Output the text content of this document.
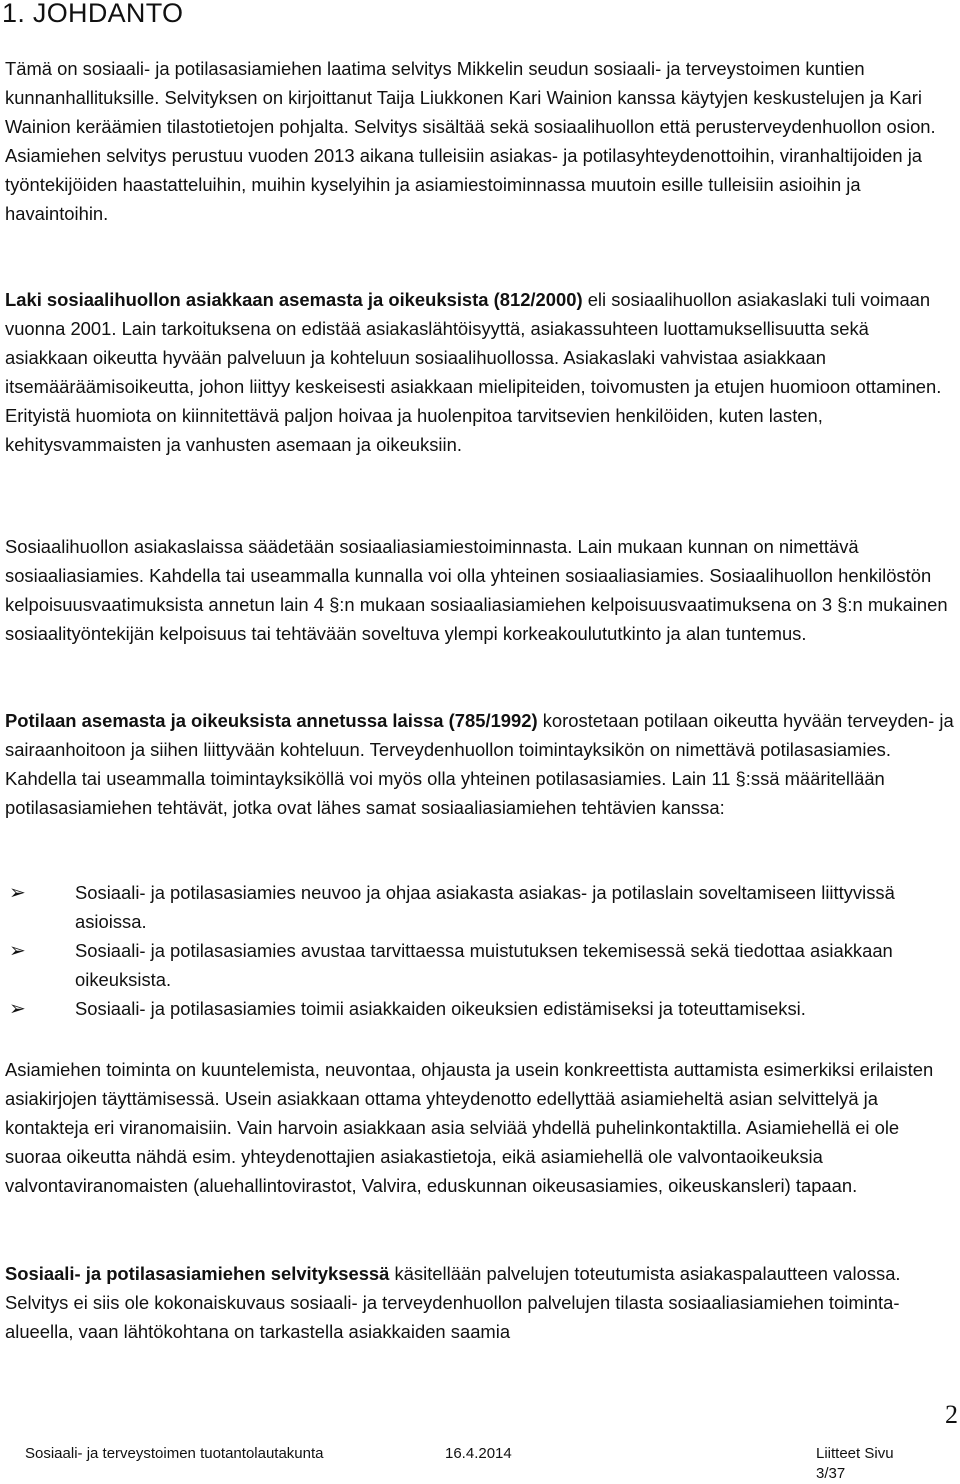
1. JOHDANTO

Tämä on sosiaali- ja potilasasiamiehen laatima selvitys Mikkelin seudun sosiaali- ja terveystoimen kuntien kunnanhallituksille. Selvityksen on kirjoittanut Taija Liukkonen Kari Wainion kanssa käytyjen keskustelujen ja Kari Wainion keräämien tilastotietojen pohjalta. Selvitys sisältää sekä sosiaalihuollon että perusterveydenhuollon osion. Asiamiehen selvitys perustuu vuoden 2013 aikana tulleisiin asiakas- ja potilasyhteydenottoihin, viranhaltijoiden ja työntekijöiden haastatteluihin, muihin kyselyihin ja asiamiestoiminnassa muutoin esille tulleisiin asioihin ja havaintoihin.

Laki sosiaalihuollon asiakkaan asemasta ja oikeuksista (812/2000) eli sosiaalihuollon asiakaslaki tuli voimaan vuonna 2001. Lain tarkoituksena on edistää asiakaslähtöisyyttä, asiakassuhteen luottamuksellisuutta sekä asiakkaan oikeutta hyvään palveluun ja kohteluun sosiaalihuollossa. Asiakaslaki vahvistaa asiakkaan itsemääräämisoikeutta, johon liittyy keskeisesti asiakkaan mielipiteiden, toivomusten ja etujen huomioon ottaminen. Erityistä huomiota on kiinnitettävä paljon hoivaa ja huolenpitoa tarvitsevien henkilöiden, kuten lasten, kehitysvammaisten ja vanhusten asemaan ja oikeuksiin.

Sosiaalihuollon asiakaslaissa säädetään sosiaaliasiamiestoiminnasta. Lain mukaan kunnan on nimettävä sosiaaliasiamies. Kahdella tai useammalla kunnalla voi olla yhteinen sosiaaliasiamies. Sosiaalihuollon henkilöstön kelpoisuusvaatimuksista annetun lain 4 §:n mukaan sosiaaliasiamiehen kelpoisuusvaatimuksena on 3 §:n mukainen sosiaalityöntekijän kelpoisuus tai tehtävään soveltuva ylempi korkeakoulututkinto ja alan tuntemus.

Potilaan asemasta ja oikeuksista annetussa laissa (785/1992) korostetaan potilaan oikeutta hyvään terveyden- ja sairaanhoitoon ja siihen liittyvään kohteluun. Terveydenhuollon toimintayksikön on nimettävä potilasasiamies. Kahdella tai useammalla toimintayksiköllä voi myös olla yhteinen potilasasiamies. Lain 11 §:ssä määritellään potilasasiamiehen tehtävät, jotka ovat lähes samat sosiaaliasiamiehen tehtävien kanssa:

➢	Sosiaali- ja potilasasiamies neuvoo ja ohjaa asiakasta asiakas- ja potilaslain soveltamiseen liittyvissä asioissa.
➢	Sosiaali- ja potilasasiamies avustaa tarvittaessa muistutuksen tekemisessä sekä tiedottaa asiakkaan oikeuksista.
➢	Sosiaali- ja potilasasiamies toimii asiakkaiden oikeuksien edistämiseksi ja toteuttamiseksi.

Asiamiehen toiminta on kuuntelemista, neuvontaa, ohjausta ja usein konkreettista auttamista esimerkiksi erilaisten asiakirjojen täyttämisessä. Usein asiakkaan ottama yhteydenotto edellyttää asiamieheltä asian selvittelyä ja kontakteja eri viranomaisiin. Vain harvoin asiakkaan asia selviää yhdellä puhelinkontaktilla. Asiamiehellä ei ole suoraa oikeutta nähdä esim. yhteydenottajien asiakastietoja, eikä asiamiehellä ole valvontaoikeuksia valvontaviranomaisten (aluehallintovirastot, Valvira, eduskunnan oikeusasiamies, oikeuskansleri) tapaan.

Sosiaali- ja potilasasiamiehen selvityksessä käsitellään palvelujen toteutumista asiakaspalautteen valossa. Selvitys ei siis ole kokonaiskuvaus sosiaali- ja terveydenhuollon palvelujen tilasta sosiaaliasiamiehen toiminta-alueella, vaan lähtökohtana on tarkastella asiakkaiden saamia

2
Sosiaali- ja terveystoimen tuotantolautakunta	16.4.2014	Liitteet Sivu 3/37
